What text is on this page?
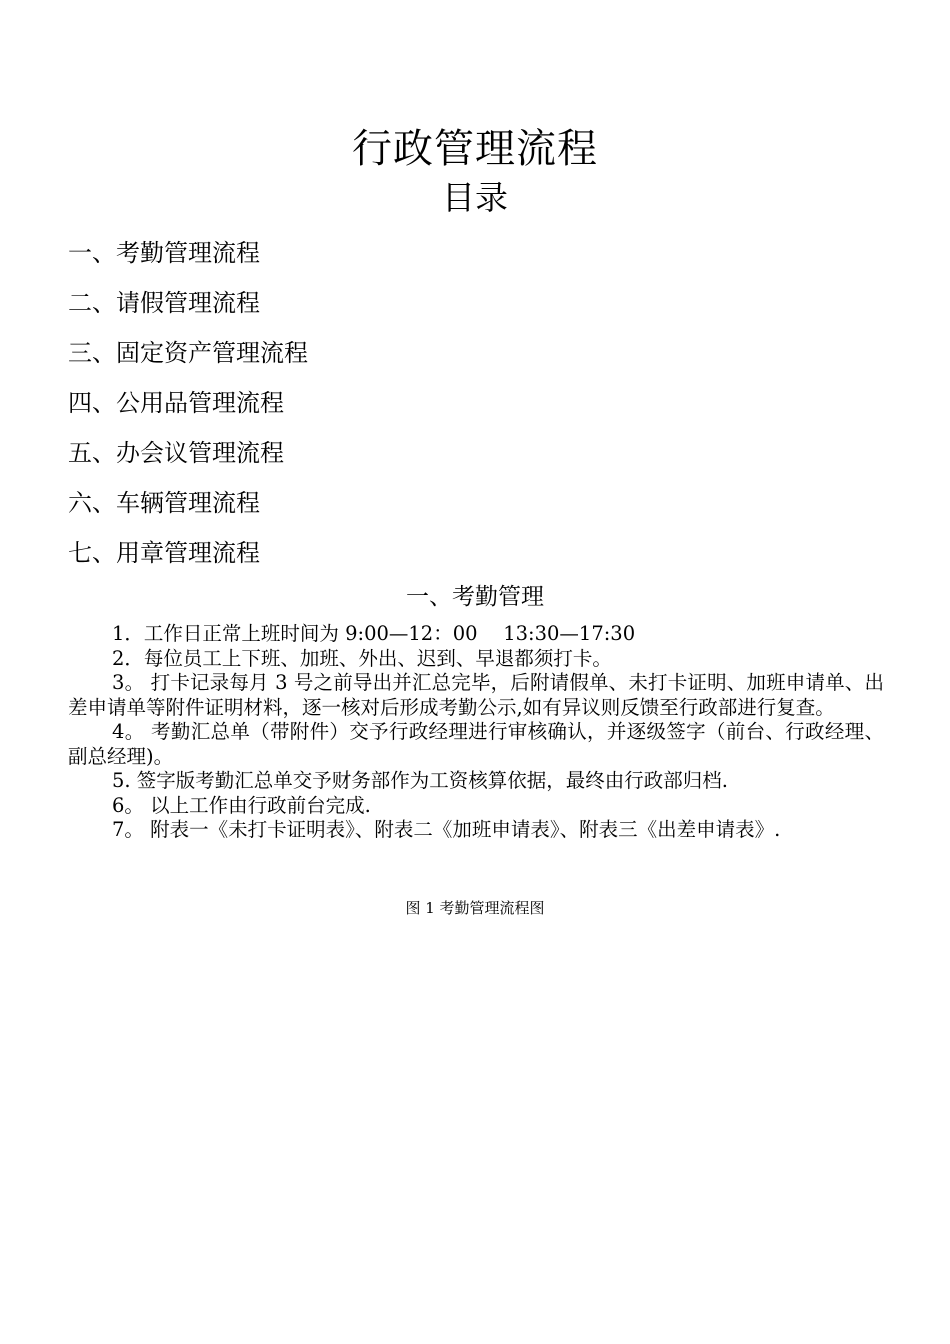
行政管理流程
目录
一、考勤管理流程
二、请假管理流程
三、固定资产管理流程
四、公用品管理流程
五、办会议管理流程
六、车辆管理流程
七、用章管理流程
一、考勤管理

1．工作日正常上班时间为 9:00—12：00　 13:30—17:30

2．每位员工上下班、加班、外出、迟到、早退都须打卡。

3。 打卡记录每月 3 号之前导出并汇总完毕，后附请假单、未打卡证明、加班申请单、出差申请单等附件证明材料，逐一核对后形成考勤公示,如有异议则反馈至行政部进行复查。

4。 考勤汇总单（带附件）交予行政经理进行审核确认，并逐级签字（前台、行政经理、副总经理)。

5. 签字版考勤汇总单交予财务部作为工资核算依据，最终由行政部归档.

6。 以上工作由行政前台完成.

7。 附表一《未打卡证明表》、附表二《加班申请表》、附表三《出差申请表》.

图 1 考勤管理流程图
